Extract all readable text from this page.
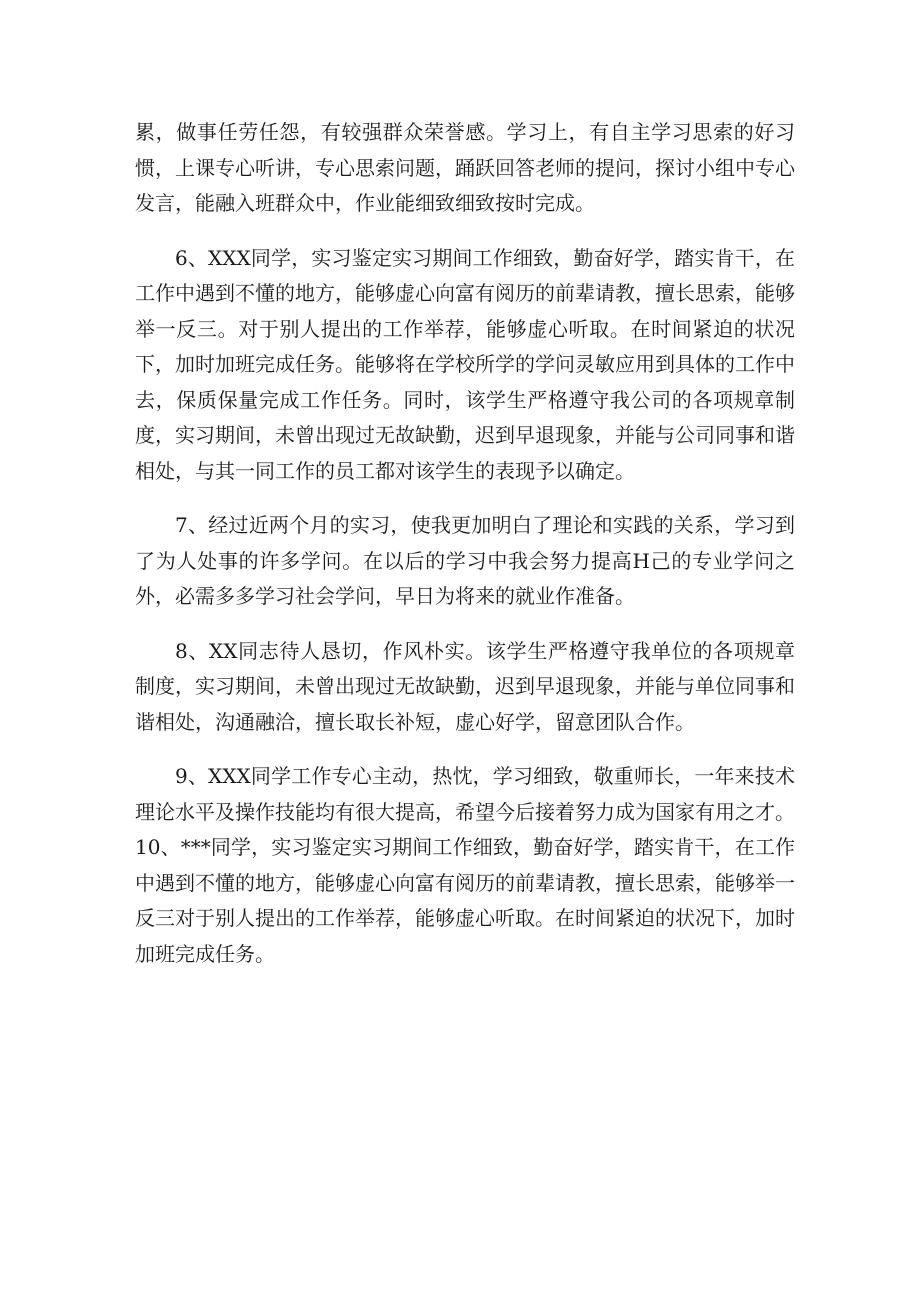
累，做事任劳任怨，有较强群众荣誉感。学习上，有自主学习思索的好习惯，上课专心听讲，专心思索问题，踊跃回答老师的提问，探讨小组中专心发言，能融入班群众中，作业能细致细致按时完成。

6、XXX同学，实习鉴定实习期间工作细致，勤奋好学，踏实肯干，在工作中遇到不懂的地方，能够虚心向富有阅历的前辈请教，擅长思索，能够举一反三。对于别人提出的工作举荐，能够虚心听取。在时间紧迫的状况下，加时加班完成任务。能够将在学校所学的学问灵敏应用到具体的工作中去，保质保量完成工作任务。同时，该学生严格遵守我公司的各项规章制度，实习期间，未曾出现过无故缺勤，迟到早退现象，并能与公司同事和谐相处，与其一同工作的员工都对该学生的表现予以确定。

7、经过近两个月的实习，使我更加明白了理论和实践的关系，学习到了为人处事的许多学问。在以后的学习中我会努力提高H己的专业学问之外，必需多多学习社会学问，早日为将来的就业作准备。

8、XX同志待人恳切，作风朴实。该学生严格遵守我单位的各项规章制度，实习期间，未曾出现过无故缺勤，迟到早退现象，并能与单位同事和谐相处，沟通融洽，擅长取长补短，虚心好学，留意团队合作。

9、XXX同学工作专心主动，热忱，学习细致，敬重师长，一年来技术理论水平及操作技能均有很大提高，希望今后接着努力成为国家有用之才。

10、***同学，实习鉴定实习期间工作细致，勤奋好学，踏实肯干，在工作中遇到不懂的地方，能够虚心向富有阅历的前辈请教，擅长思索，能够举一反三对于别人提出的工作举荐，能够虚心听取。在时间紧迫的状况下，加时加班完成任务。
